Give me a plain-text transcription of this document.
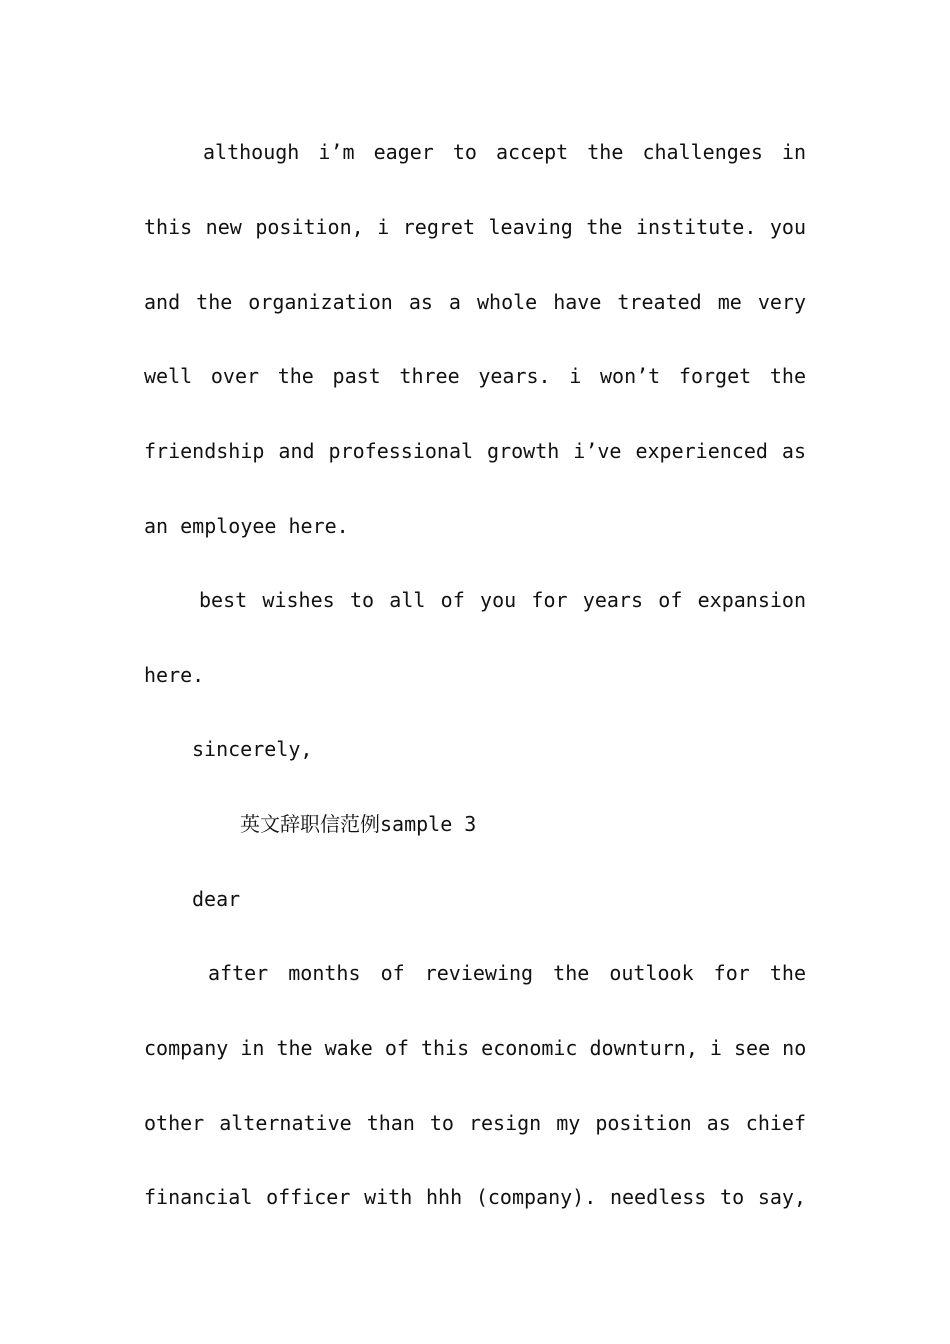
although i’m eager to accept the challenges in
this new position, i regret leaving the institute. you
and the organization as a whole have treated me very
well over the past three years. i won’t forget the
friendship and professional growth i’ve experienced as
an employee here.
best wishes to all of you for years of expansion
here.
sincerely,
英文辞职信范例sample 3
dear
after months of reviewing the outlook for the
company in the wake of this economic downturn, i see no
other alternative than to resign my position as chief
financial officer with hhh (company). needless to say,
